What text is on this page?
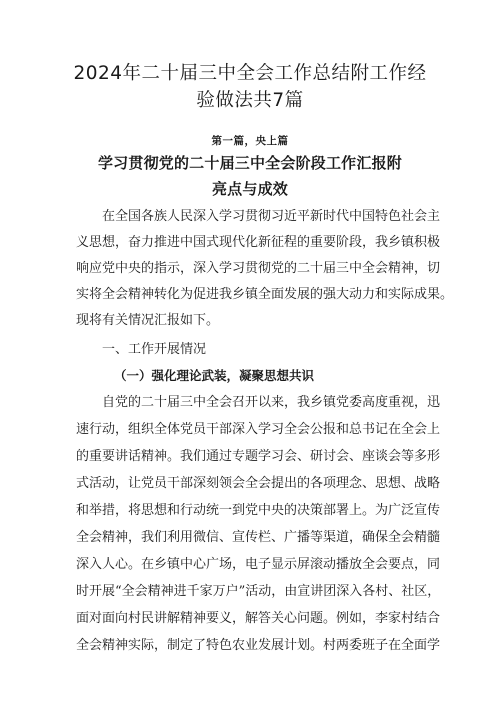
2024年二十届三中全会工作总结附工作经
验做法共7篇
第一篇，央上篇
学习贯彻党的二十届三中全会阶段工作汇报附
亮点与成效
在全国各族人民深入学习贯彻习近平新时代中国特色社会主
义思想，奋力推进中国式现代化新征程的重要阶段，我乡镇积极
响应党中央的指示，深入学习贯彻党的二十届三中全会精神，切
实将全会精神转化为促进我乡镇全面发展的强大动力和实际成果。
现将有关情况汇报如下。
一、工作开展情况
（一）强化理论武装，凝聚思想共识
自党的二十届三中全会召开以来，我乡镇党委高度重视，迅
速行动，组织全体党员干部深入学习全会公报和总书记在全会上
的重要讲话精神。我们通过专题学习会、研讨会、座谈会等多形
式活动，让党员干部深刻领会全会提出的各项理念、思想、战略
和举措，将思想和行动统一到党中央的决策部署上。为广泛宣传
全会精神，我们利用微信、宣传栏、广播等渠道，确保全会精髓
深入人心。在乡镇中心广场，电子显示屏滚动播放全会要点，同
时开展“全会精神进千家万户”活动，由宣讲团深入各村、社区，
面对面向村民讲解精神要义，解答关心问题。例如，李家村结合
全会精神实际，制定了特色农业发展计划。村两委班子在全面学
